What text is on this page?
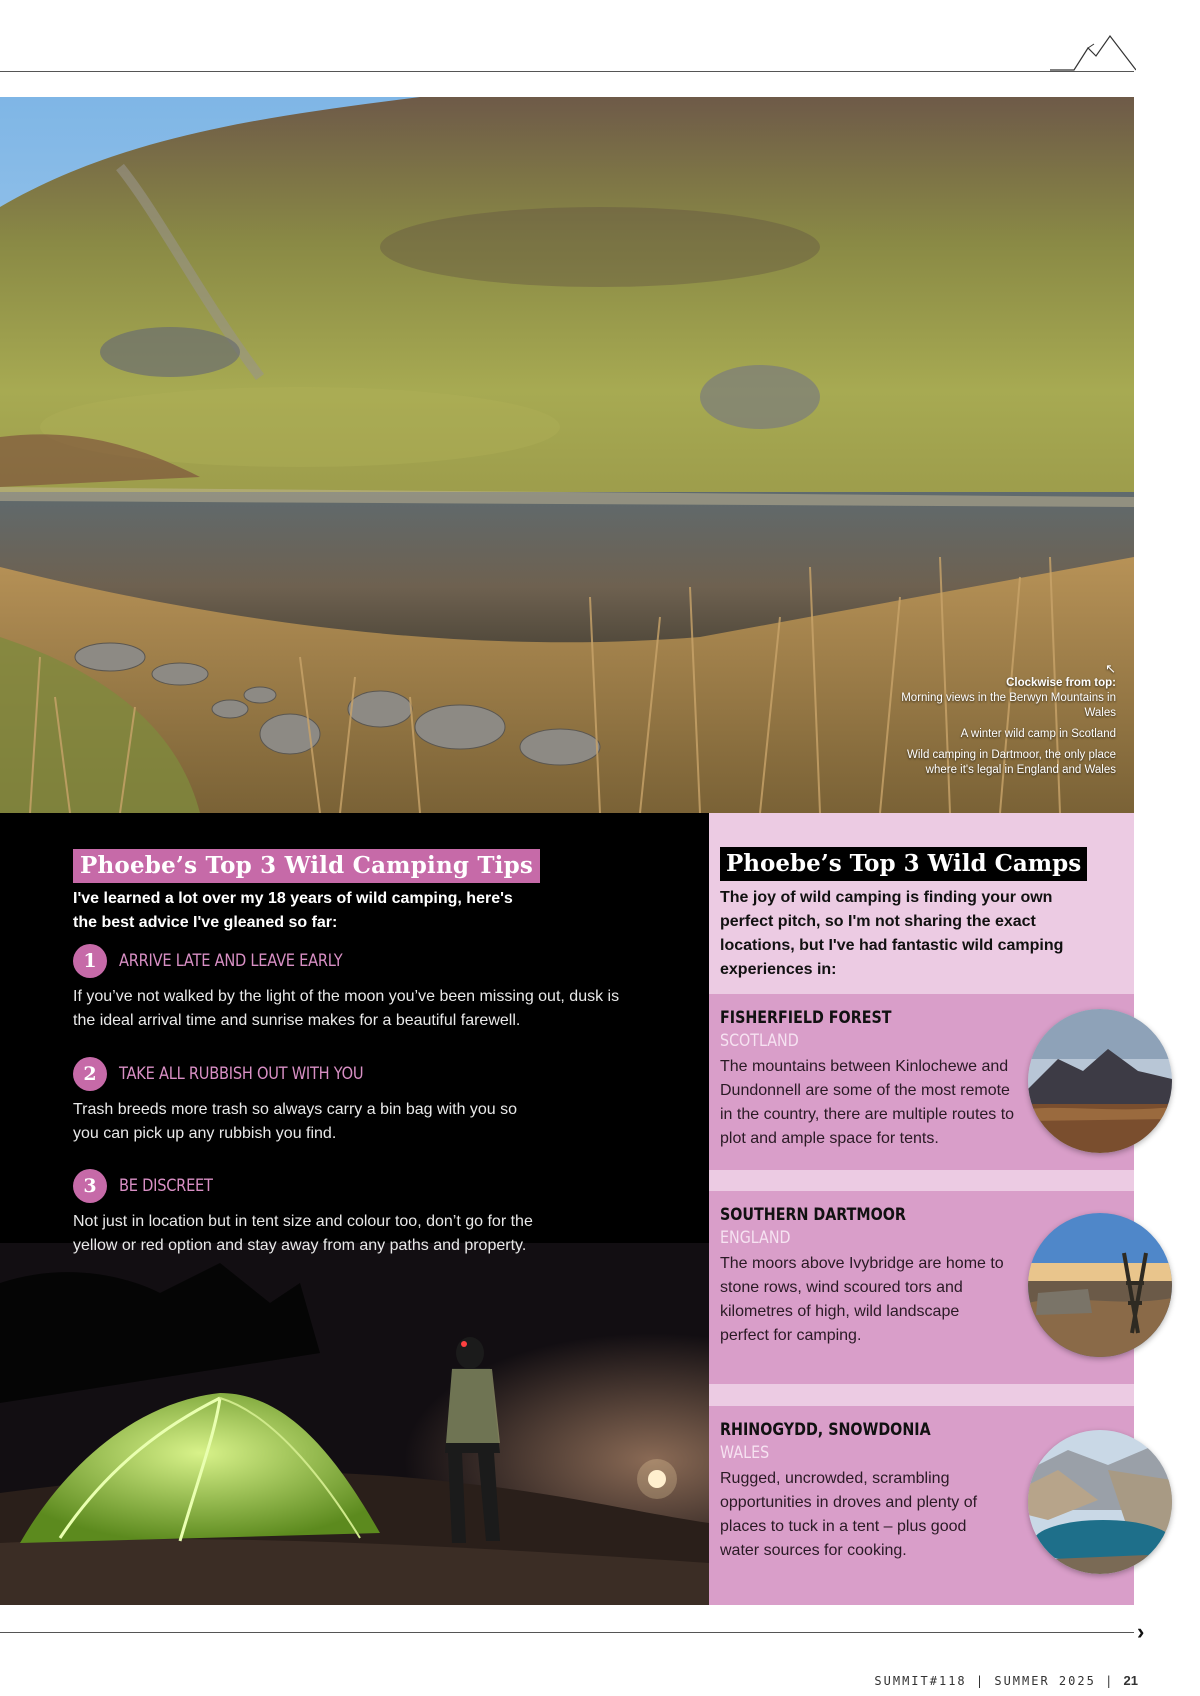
↖

Clockwise from top:
Morning views in the Berwyn Mountains in Wales

A winter wild camp in Scotland

Wild camping in Dartmoor, the only place where it's legal in England and Wales

Phoebe’s Top 3 Wild Camping Tips
I've learned a lot over my 18 years of wild camping, here's the best advice I've gleaned so far:
1	ARRIVE LATE AND LEAVE EARLY
If you’ve not walked by the light of the moon you’ve been missing out, dusk is the ideal arrival time and sunrise makes for a beautiful farewell.
2	TAKE ALL RUBBISH OUT WITH YOU
Trash breeds more trash so always carry a bin bag with you so you can pick up any rubbish you find.
3	BE DISCREET
Not just in location but in tent size and colour too, don’t go for the yellow or red option and stay away from any paths and property.
Phoebe’s Top 3 Wild Camps
The joy of wild camping is finding your own perfect pitch, so I'm not sharing the exact locations, but I've had fantastic wild camping experiences in:
FISHERFIELD FOREST
SCOTLAND
The mountains between Kinlochewe and Dundonnell are some of the most remote in the country, there are multiple routes to plot and ample space for tents.
SOUTHERN DARTMOOR
ENGLAND
The moors above Ivybridge are home to stone rows, wind scoured tors and kilometres of high, wild landscape perfect for camping.
RHINOGYDD, SNOWDONIA
WALES
Rugged, uncrowded, scrambling opportunities in droves and plenty of places to tuck in a tent – plus good water sources for cooking.
›
SUMMIT#118 | SUMMER 2025 | 21
